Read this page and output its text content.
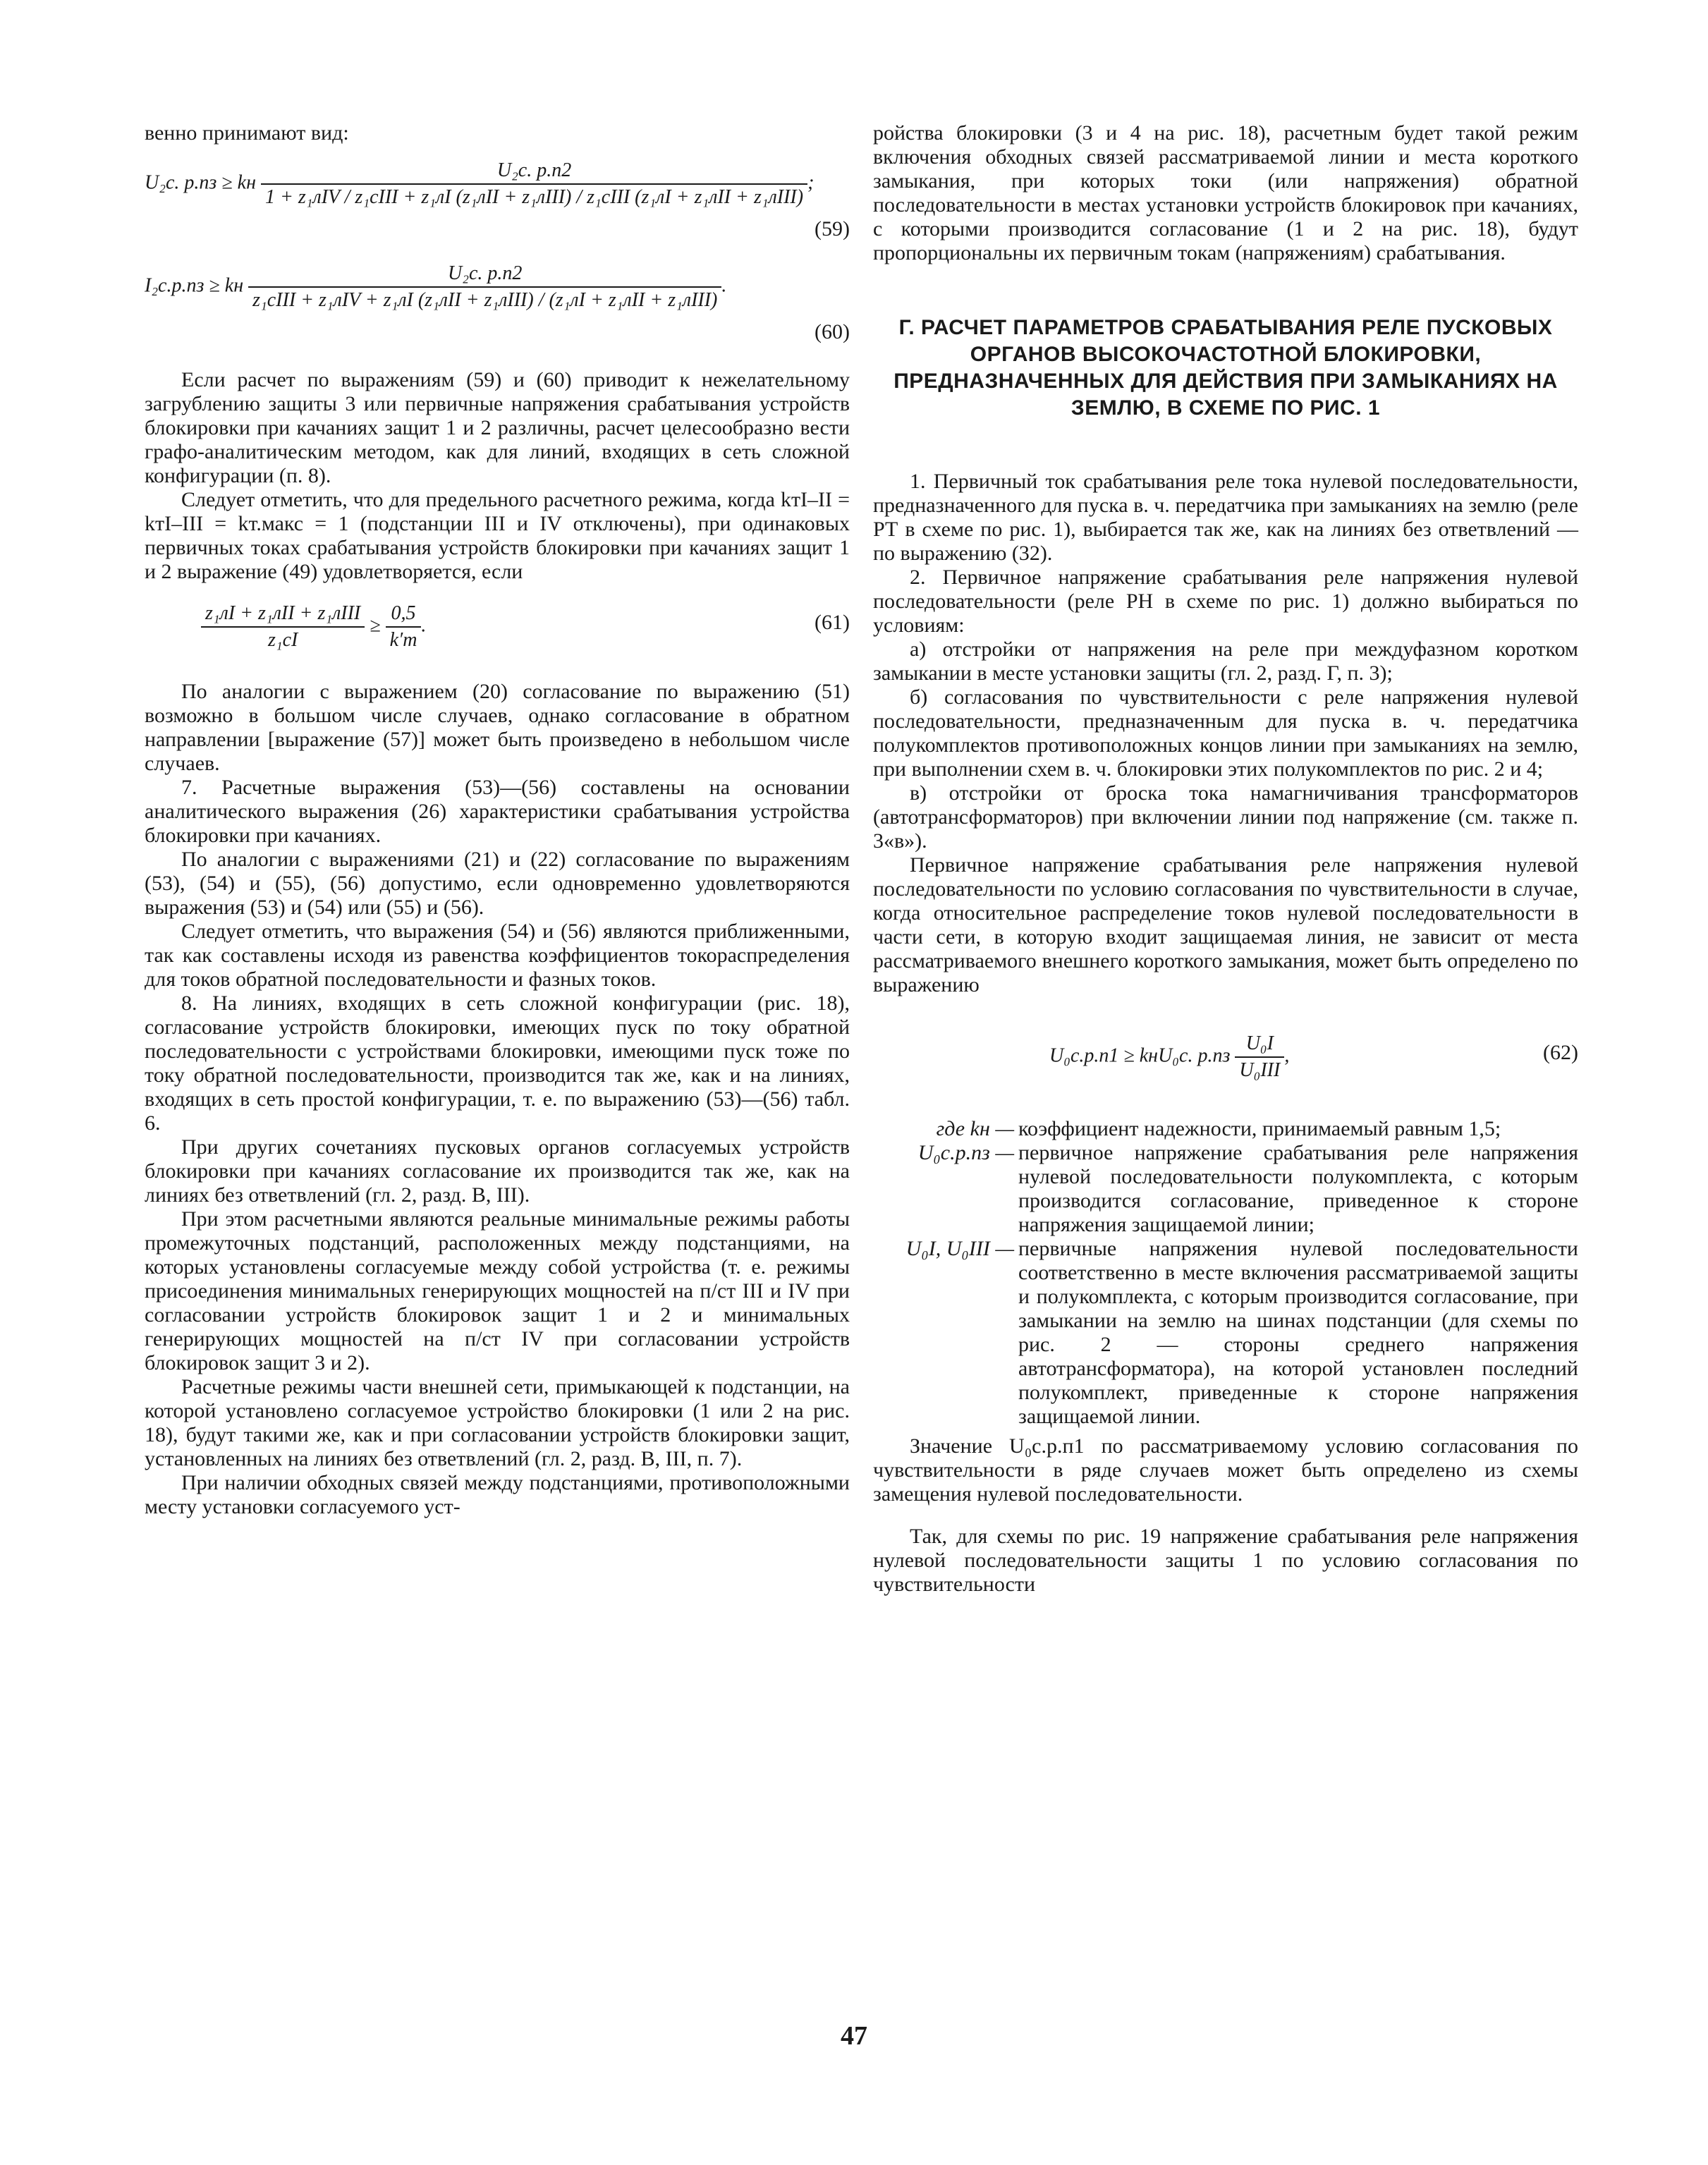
венно принимают вид:

U₂c. p.пз ≥ kн
U₂c. p.п2
1 + z₁лIV / z₁cIII + z₁лI (z₁лII + z₁лIII) / z₁cIII (z₁лI + z₁лII + z₁лIII)
;
(59)
I₂c.p.пз ≥ kн
U₂c. p.п2
z₁cIII + z₁лIV + z₁лI (z₁лII + z₁лIII) / (z₁лI + z₁лII + z₁лIII)
.
(60)

Если расчет по выражениям (59) и (60) приводит к нежелательному загрублению защиты 3 или первичные напряжения срабатывания устройств блокировки при качаниях защит 1 и 2 различны, расчет целесообразно вести графо-аналитическим методом, как для линий, входящих в сеть сложной конфигурации (п. 8).

Следует отметить, что для предельного расчетного режима, когда kтI–II = kтI–III = kт.макс = 1 (подстанции III и IV отключены), при одинаковых первичных токах срабатывания устройств блокировки при качаниях защит 1 и 2 выражение (49) удовлетворяется, если

$\frac{\text{z₁лI + z₁лII + z₁лIII}}{\text{z₁cI}} \ge \frac{0,5}{k'т}$ .	(61)

По аналогии с выражением (20) согласование по выражению (51) возможно в большом числе случаев, однако согласование в обратном направлении [выражение (57)] может быть произведено в небольшом числе случаев.

7. Расчетные выражения (53)—(56) составлены на основании аналитического выражения (26) характеристики срабатывания устройства блокировки при качаниях.

По аналогии с выражениями (21) и (22) согласование по выражениям (53), (54) и (55), (56) допустимо, если одновременно удовлетворяются выражения (53) и (54) или (55) и (56).

Следует отметить, что выражения (54) и (56) являются приближенными, так как составлены исходя из равенства коэффициентов токораспределения для токов обратной последовательности и фазных токов.

8. На линиях, входящих в сеть сложной конфигурации (рис. 18), согласование устройств блокировки, имеющих пуск по току обратной последовательности с устройствами блокировки, имеющими пуск тоже по току обратной последовательности, производится так же, как и на линиях, входящих в сеть простой конфигурации, т. е. по выражению (53)—(56) табл. 6.

При других сочетаниях пусковых органов согласуемых устройств блокировки при качаниях согласование их производится так же, как на линиях без ответвлений (гл. 2, разд. В, III).

При этом расчетными являются реальные минимальные режимы работы промежуточных подстанций, расположенных между подстанциями, на которых установлены согласуемые между собой устройства (т. е. режимы присоединения минимальных генерирующих мощностей на п/ст III и IV при согласовании устройств блокировок защит 1 и 2 и минимальных генерирующих мощностей на п/ст IV при согласовании устройств блокировок защит 3 и 2).

Расчетные режимы части внешней сети, примыкающей к подстанции, на которой установлено согласуемое устройство блокировки (1 или 2 на рис. 18), будут такими же, как и при согласовании устройств блокировки защит, установленных на линиях без ответвлений (гл. 2, разд. В, III, п. 7).

При наличии обходных связей между подстанциями, противоположными месту установки согласуемого уст-

ройства блокировки (3 и 4 на рис. 18), расчетным будет такой режим включения обходных связей рассматриваемой линии и места короткого замыкания, при которых токи (или напряжения) обратной последовательности в местах установки устройств блокировок при качаниях, с которыми производится согласование (1 и 2 на рис. 18), будут пропорциональны их первичным токам (напряжениям) срабатывания.

Г. РАСЧЕТ ПАРАМЕТРОВ СРАБАТЫВАНИЯ РЕЛЕ ПУСКОВЫХ ОРГАНОВ ВЫСОКОЧАСТОТНОЙ БЛОКИРОВКИ, ПРЕДНАЗНАЧЕННЫХ ДЛЯ ДЕЙСТВИЯ ПРИ ЗАМЫКАНИЯХ НА ЗЕМЛЮ, В СХЕМЕ ПО РИС. 1

1. Первичный ток срабатывания реле тока нулевой последовательности, предназначенного для пуска в. ч. передатчика при замыканиях на землю (реле РТ в схеме по рис. 1), выбирается так же, как на линиях без ответвлений — по выражению (32).

2. Первичное напряжение срабатывания реле напряжения нулевой последовательности (реле РН в схеме по рис. 1) должно выбираться по условиям:

а) отстройки от напряжения на реле при междуфазном коротком замыкании в месте установки защиты (гл. 2, разд. Г, п. 3);

б) согласования по чувствительности с реле напряжения нулевой последовательности, предназначенным для пуска в. ч. передатчика полукомплектов противоположных концов линии при замыканиях на землю, при выполнении схем в. ч. блокировки этих полукомплектов по рис. 2 и 4;

в) отстройки от броска тока намагничивания трансформаторов (автотрансформаторов) при включении линии под напряжение (см. также п. 3«в»).

Первичное напряжение срабатывания реле напряжения нулевой последовательности по условию согласования по чувствительности в случае, когда относительное распределение токов нулевой последовательности в части сети, в которую входит защищаемая линия, не зависит от места рассматриваемого внешнего короткого замыкания, может быть определено по выражению

U₀c.p.п1 ≥ kнU₀c. $p.пз \frac{\text{U₀I}}{\text{U₀III}}$ ,	(62)
где kн — коэффициент надежности, принимаемый равным 1,5;
U₀c.p.пз — первичное напряжение срабатывания реле напряжения нулевой последовательности полукомплекта, с которым производится согласование, приведенное к стороне напряжения защищаемой линии;
U₀I, U₀III — первичные напряжения нулевой последовательности соответственно в месте включения рассматриваемой защиты и полукомплекта, с которым производится согласование, при замыкании на землю на шинах подстанции (для схемы по рис. 2 — стороны среднего напряжения автотрансформатора), на которой установлен последний полукомплект, приведенные к стороне напряжения защищаемой линии.

Значение U₀c.p.п1 по рассматриваемому условию согласования по чувствительности в ряде случаев может быть определено из схемы замещения нулевой последовательности.

Так, для схемы по рис. 19 напряжение срабатывания реле напряжения нулевой последовательности защиты 1 по условию согласования по чувствительности

47
